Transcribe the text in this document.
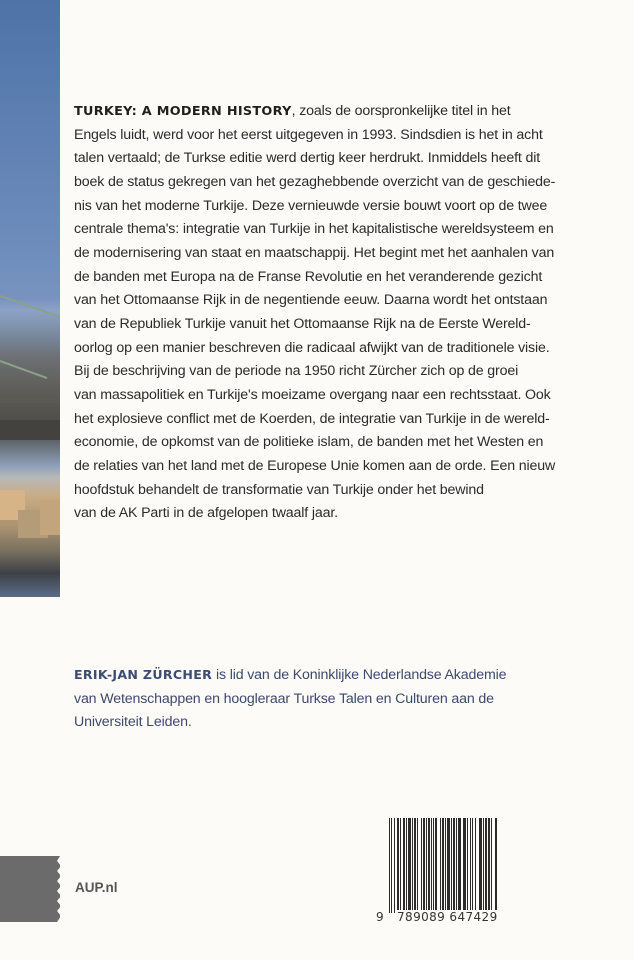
TURKEY: A MODERN HISTORY, zoals de oorspronkelijke titel in het
Engels luidt, werd voor het eerst uitgegeven in 1993. Sindsdien is het in acht
talen vertaald; de Turkse editie werd dertig keer herdrukt. Inmiddels heeft dit
boek de status gekregen van het gezaghebbende overzicht van de geschiede-
nis van het moderne Turkije. Deze vernieuwde versie bouwt voort op de twee
centrale thema's: integratie van Turkije in het kapitalistische wereldsysteem en
de modernisering van staat en maatschappij. Het begint met het aanhalen van
de banden met Europa na de Franse Revolutie en het veranderende gezicht
van het Ottomaanse Rijk in de negentiende eeuw. Daarna wordt het ontstaan
van de Republiek Turkije vanuit het Ottomaanse Rijk na de Eerste Wereld-
oorlog op een manier beschreven die radicaal afwijkt van de traditionele visie.
Bij de beschrijving van de periode na 1950 richt Zürcher zich op de groei
van massapolitiek en Turkije's moeizame overgang naar een rechtsstaat. Ook
het explosieve conflict met de Koerden, de integratie van Turkije in de wereld-
economie, de opkomst van de politieke islam, de banden met het Westen en
de relaties van het land met de Europese Unie komen aan de orde. Een nieuw
hoofdstuk behandelt de transformatie van Turkije onder het bewind
van de AK Parti in de afgelopen twaalf jaar.
ERIK-JAN ZÜRCHER is lid van de Koninklijke Nederlandse Akademie
van Wetenschappen en hoogleraar Turkse Talen en Culturen aan de
Universiteit Leiden.
AUP.nl
9 789089 647429
